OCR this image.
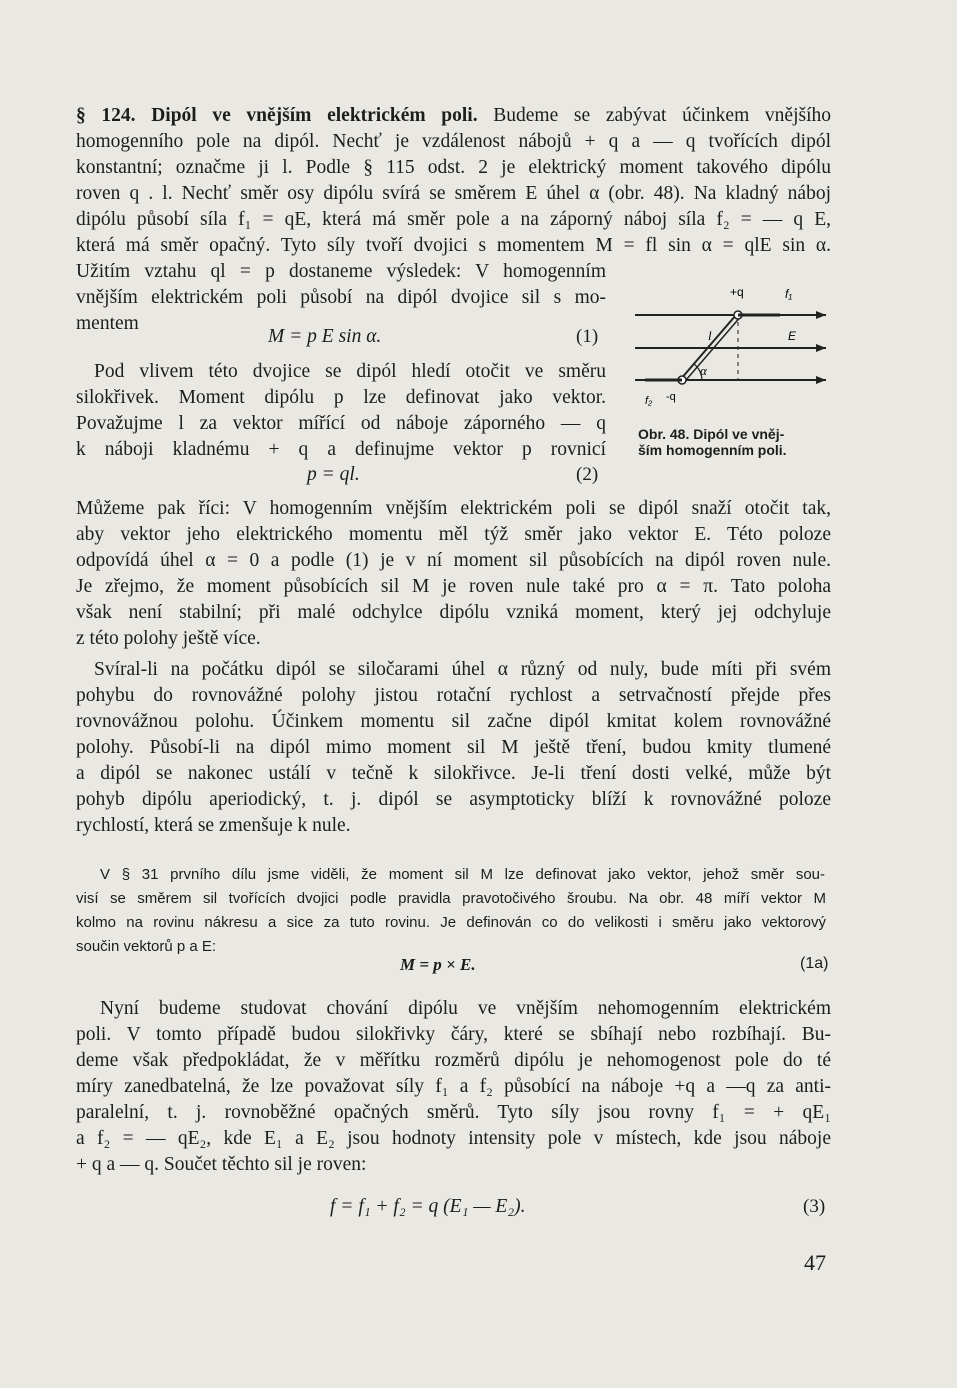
§ 124. Dipól ve vnějším elektrickém poli. Budeme se zabývat účinkem vnějšího
homogenního pole na dipól. Nechť je vzdálenost nábojů + q a — q tvořících dipól
konstantní; označme ji l. Podle § 115 odst. 2 je elektrický moment takového dipólu
roven q . l. Nechť směr osy dipólu svírá se směrem E úhel α (obr. 48). Na kladný náboj
dipólu působí síla f₁ = qE, která má směr pole a na záporný náboj síla f₂ = — q E,
která má směr opačný. Tyto síly tvoří dvojici s momentem M = fl sin α = qlE sin α.
Užitím vztahu ql = p dostaneme výsledek: V homogenním
vnějším elektrickém poli působí na dipól dvojice sil s mo-
mentem
M = p E sin α.	(1)
Pod vlivem této dvojice se dipól hledí otočit ve směru
silokřivek. Moment dipólu p lze definovat jako vektor.
Považujme l za vektor mířící od náboje záporného — q
k náboji kladnému + q a definujme vektor p rovnicí
p = ql.	(2)
+q	f₁
l	E
α
f₂ -q
Obr. 48. Dipól ve vněj-
ším homogenním poli.
Můžeme pak říci: V homogenním vnějším elektrickém poli se dipól snaží otočit tak,
aby vektor jeho elektrického momentu měl týž směr jako vektor E. Této poloze
odpovídá úhel α = 0 a podle (1) je v ní moment sil působících na dipól roven nule.
Je zřejmo, že moment působících sil M je roven nule také pro α = π. Tato poloha
však není stabilní; při malé odchylce dipólu vzniká moment, který jej odchyluje
z této polohy ještě více.
Svíral-li na počátku dipól se siločarami úhel α různý od nuly, bude míti při svém
pohybu do rovnovážné polohy jistou rotační rychlost a setrvačností přejde přes
rovnovážnou polohu. Účinkem momentu sil začne dipól kmitat kolem rovnovážné
polohy. Působí-li na dipól mimo moment sil M ještě tření, budou kmity tlumené
a dipól se nakonec ustálí v tečně k silokřivce. Je-li tření dosti velké, může být
pohyb dipólu aperiodický, t. j. dipól se asymptoticky blíží k rovnovážné poloze
rychlostí, která se zmenšuje k nule.
V § 31 prvního dílu jsme viděli, že moment sil M lze definovat jako vektor, jehož směr sou-
visí se směrem sil tvořících dvojici podle pravidla pravotočivého šroubu. Na obr. 48 míří vektor M
kolmo na rovinu nákresu a sice za tuto rovinu. Je definován co do velikosti i směru jako vektorový
součin vektorů p a E:
M = p × E.	(1a)
Nyní budeme studovat chování dipólu ve vnějším nehomogenním elektrickém
poli. V tomto případě budou silokřivky čáry, které se sbíhají nebo rozbíhají. Bu-
deme však předpokládat, že v měřítku rozměrů dipólu je nehomogenost pole do té
míry zanedbatelná, že lze považovat síly f₁ a f₂ působící na náboje +q a —q za anti-
paralelní, t. j. rovnoběžné opačných směrů. Tyto síly jsou rovny f₁ = + qE₁
a f₂ = — qE₂, kde E₁ a E₂ jsou hodnoty intensity pole v místech, kde jsou náboje
+ q a — q. Součet těchto sil je roven:
f = f₁ + f₂ = q (E₁ — E₂).	(3)
47
